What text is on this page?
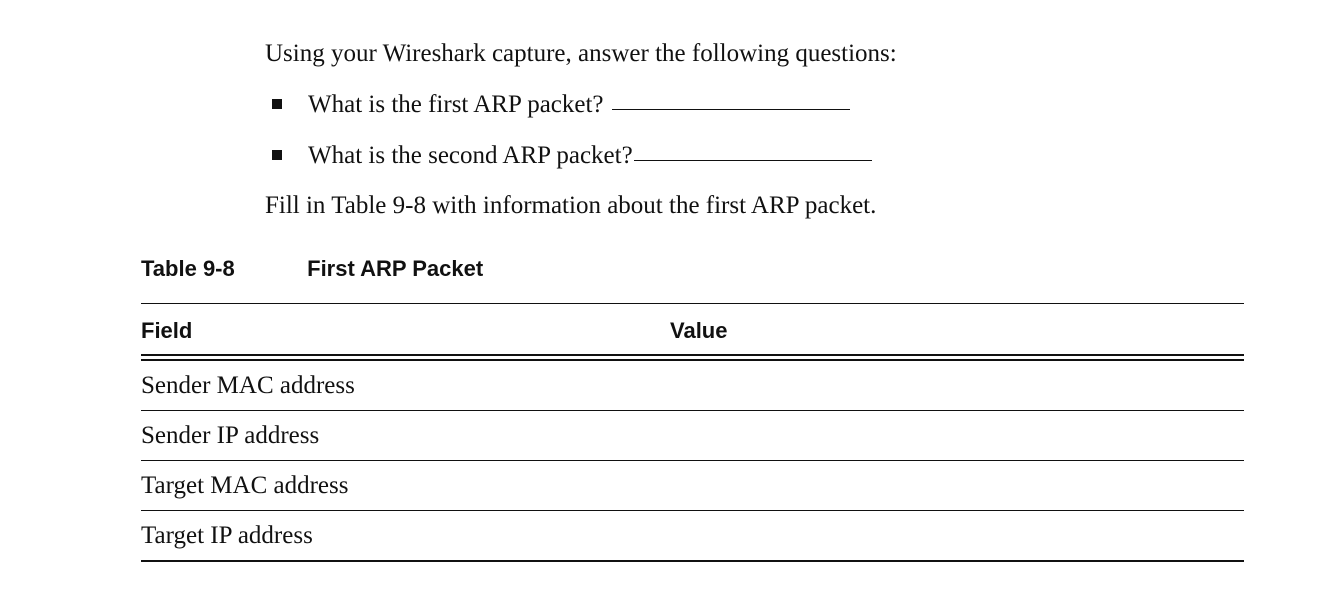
Using your Wireshark capture, answer the following questions:
What is the first ARP packet?
What is the second ARP packet?
Fill in Table 9-8 with information about the first ARP packet.
Table 9-8	First ARP Packet
Field	Value
Sender MAC address
Sender IP address
Target MAC address
Target IP address
